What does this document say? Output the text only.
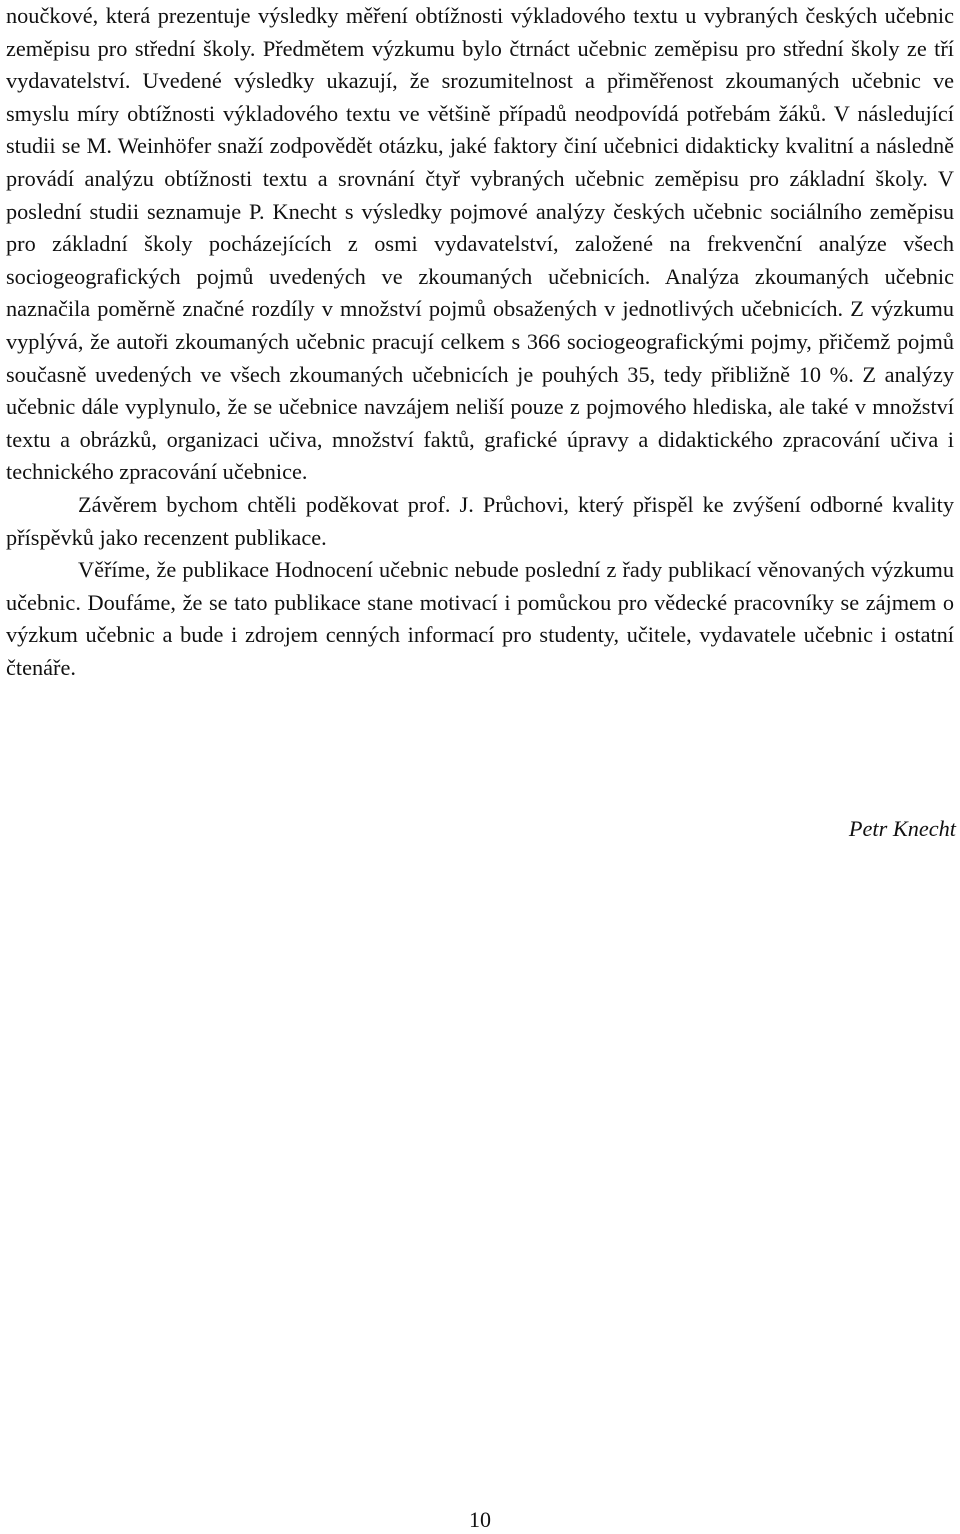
noučkové, která prezentuje výsledky měření obtížnosti výkladového textu u vybraných českých učebnic zeměpisu pro střední školy. Předmětem výzkumu bylo čtrnáct učebnic zeměpisu pro střední školy ze tří vydavatelství. Uvedené výsledky ukazují, že srozumitelnost a přiměřenost zkoumaných učebnic ve smyslu míry obtížnosti výkladového textu ve většině případů neodpovídá potřebám žáků. V následující studii se M. Weinhöfer snaží zodpovědět otázku, jaké faktory činí učebnici didakticky kvalitní a následně provádí analýzu obtížnosti textu a srovnání čtyř vybraných učebnic zeměpisu pro základní školy. V poslední studii seznamuje P. Knecht s výsledky pojmové analýzy českých učebnic sociálního zeměpisu pro základní školy pocházejících z osmi vydavatelství, založené na frekvenční analýze všech sociogeografických pojmů uvedených ve zkoumaných učebnicích. Analýza zkoumaných učebnic naznačila poměrně značné rozdíly v množství pojmů obsažených v jednotlivých učebnicích. Z výzkumu vyplývá, že autoři zkoumaných učebnic pracují celkem s 366 sociogeografickými pojmy, přičemž pojmů současně uvedených ve všech zkoumaných učebnicích je pouhých 35, tedy přibližně 10 %. Z analýzy učebnic dále vyplynulo, že se učebnice navzájem neliší pouze z pojmového hlediska, ale také v množství textu a obrázků, organizaci učiva, množství faktů, grafické úpravy a didaktického zpracování učiva i technického zpracování učebnice.

Závěrem bychom chtěli poděkovat prof. J. Průchovi, který přispěl ke zvýšení odborné kvality příspěvků jako recenzent publikace.

Věříme, že publikace Hodnocení učebnic nebude poslední z řady publikací věnovaných výzkumu učebnic. Doufáme, že se tato publikace stane motivací i pomůckou pro vědecké pracovníky se zájmem o výzkum učebnic a bude i zdrojem cenných informací pro studenty, učitele, vydavatele učebnic i ostatní čtenáře.

Petr Knecht
10
